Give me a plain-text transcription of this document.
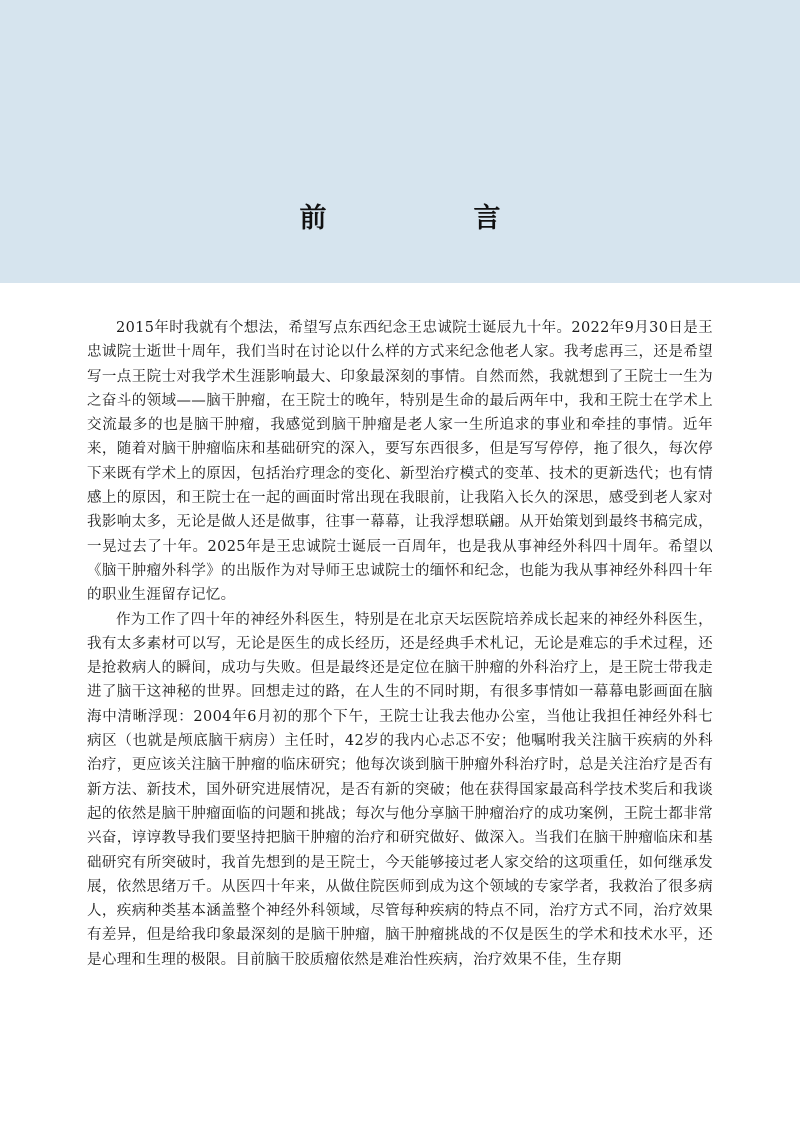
前　言

2015年时我就有个想法，希望写点东西纪念王忠诚院士诞辰九十年。2022年9月30日是王忠诚院士逝世十周年，我们当时在讨论以什么样的方式来纪念他老人家。我考虑再三，还是希望写一点王院士对我学术生涯影响最大、印象最深刻的事情。自然而然，我就想到了王院士一生为之奋斗的领域——脑干肿瘤，在王院士的晚年，特别是生命的最后两年中，我和王院士在学术上交流最多的也是脑干肿瘤，我感觉到脑干肿瘤是老人家一生所追求的事业和牵挂的事情。近年来，随着对脑干肿瘤临床和基础研究的深入，要写东西很多，但是写写停停，拖了很久，每次停下来既有学术上的原因，包括治疗理念的变化、新型治疗模式的变革、技术的更新迭代；也有情感上的原因，和王院士在一起的画面时常出现在我眼前，让我陷入长久的深思，感受到老人家对我影响太多，无论是做人还是做事，往事一幕幕，让我浮想联翩。从开始策划到最终书稿完成，一晃过去了十年。2025年是王忠诚院士诞辰一百周年，也是我从事神经外科四十周年。希望以《脑干肿瘤外科学》的出版作为对导师王忠诚院士的缅怀和纪念，也能为我从事神经外科四十年的职业生涯留存记忆。

作为工作了四十年的神经外科医生，特别是在北京天坛医院培养成长起来的神经外科医生，我有太多素材可以写，无论是医生的成长经历，还是经典手术札记，无论是难忘的手术过程，还是抢救病人的瞬间，成功与失败。但是最终还是定位在脑干肿瘤的外科治疗上，是王院士带我走进了脑干这神秘的世界。回想走过的路，在人生的不同时期，有很多事情如一幕幕电影画面在脑海中清晰浮现：2004年6月初的那个下午，王院士让我去他办公室，当他让我担任神经外科七病区（也就是颅底脑干病房）主任时，42岁的我内心忐忑不安；他嘱咐我关注脑干疾病的外科治疗，更应该关注脑干肿瘤的临床研究；他每次谈到脑干肿瘤外科治疗时，总是关注治疗是否有新方法、新技术，国外研究进展情况，是否有新的突破；他在获得国家最高科学技术奖后和我谈起的依然是脑干肿瘤面临的问题和挑战；每次与他分享脑干肿瘤治疗的成功案例，王院士都非常兴奋，谆谆教导我们要坚持把脑干肿瘤的治疗和研究做好、做深入。当我们在脑干肿瘤临床和基础研究有所突破时，我首先想到的是王院士，今天能够接过老人家交给的这项重任，如何继承发展，依然思绪万千。从医四十年来，从做住院医师到成为这个领域的专家学者，我救治了很多病人，疾病种类基本涵盖整个神经外科领域，尽管每种疾病的特点不同，治疗方式不同，治疗效果有差异，但是给我印象最深刻的是脑干肿瘤，脑干肿瘤挑战的不仅是医生的学术和技术水平，还是心理和生理的极限。目前脑干胶质瘤依然是难治性疾病，治疗效果不佳，生存期
